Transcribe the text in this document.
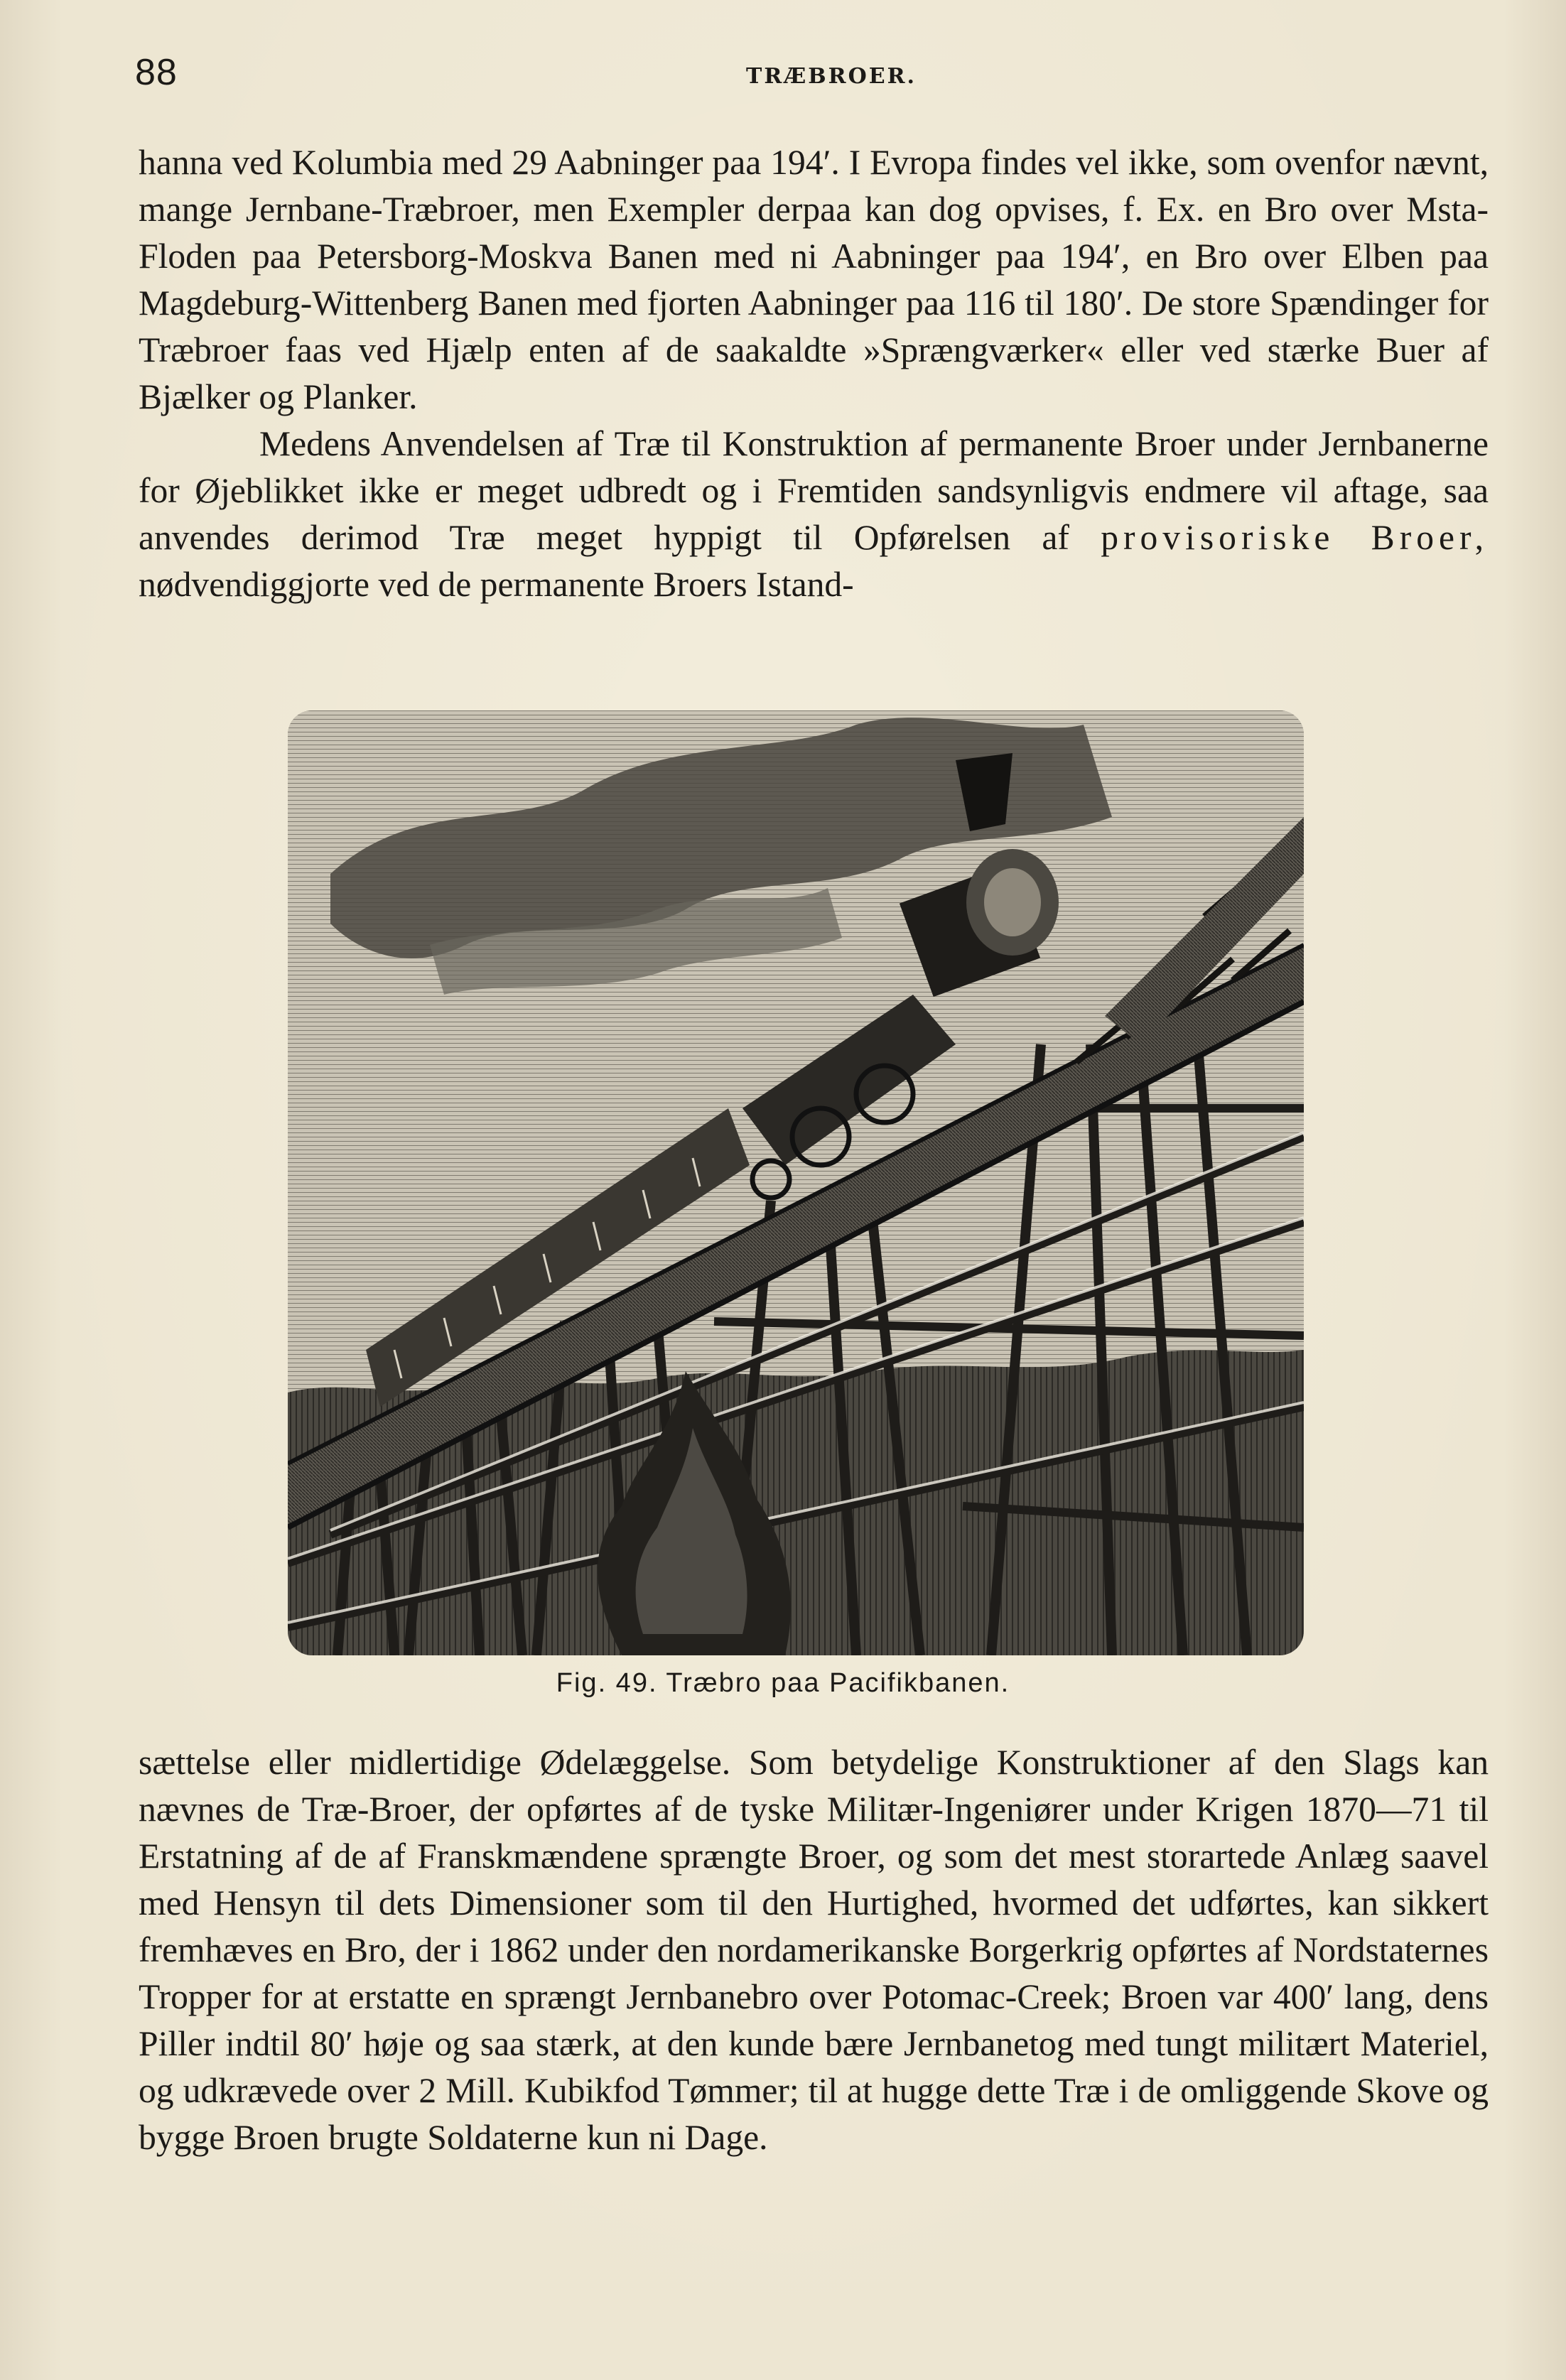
88	TRÆBROER.

hanna ved Kolumbia med 29 Aabninger paa 194′. I Evropa findes vel ikke, som ovenfor nævnt, mange Jernbane-Træbroer, men Exempler derpaa kan dog opvises, f. Ex. en Bro over Msta-Floden paa Petersborg-Moskva Banen med ni Aabninger paa 194′, en Bro over Elben paa Magdeburg-Wittenberg Banen med fjorten Aabninger paa 116 til 180′. De store Spændinger for Træbroer faas ved Hjælp enten af de saakaldte »Sprængværker« eller ved stærke Buer af Bjælker og Planker.

Medens Anvendelsen af Træ til Konstruktion af permanente Broer under Jernbanerne for Øjeblikket ikke er meget udbredt og i Fremtiden sandsynligvis endmere vil aftage, saa anvendes derimod Træ meget hyppigt til Opførelsen af provisoriske Broer, nødvendiggjorte ved de permanente Broers Istand-

Fig. 49. Træbro paa Pacifikbanen.

sættelse eller midlertidige Ødelæggelse. Som betydelige Konstruktioner af den Slags kan nævnes de Træ-Broer, der opførtes af de tyske Militær-Ingeniører under Krigen 1870—71 til Erstatning af de af Franskmændene sprængte Broer, og som det mest storartede Anlæg saavel med Hensyn til dets Dimensioner som til den Hurtighed, hvormed det udførtes, kan sikkert fremhæves en Bro, der i 1862 under den nordamerikanske Borgerkrig opførtes af Nordstaternes Tropper for at erstatte en sprængt Jernbanebro over Potomac-Creek; Broen var 400′ lang, dens Piller indtil 80′ høje og saa stærk, at den kunde bære Jernbanetog med tungt militært Materiel, og udkrævede over 2 Mill. Kubikfod Tømmer; til at hugge dette Træ i de omliggende Skove og bygge Broen brugte Soldaterne kun ni Dage.
